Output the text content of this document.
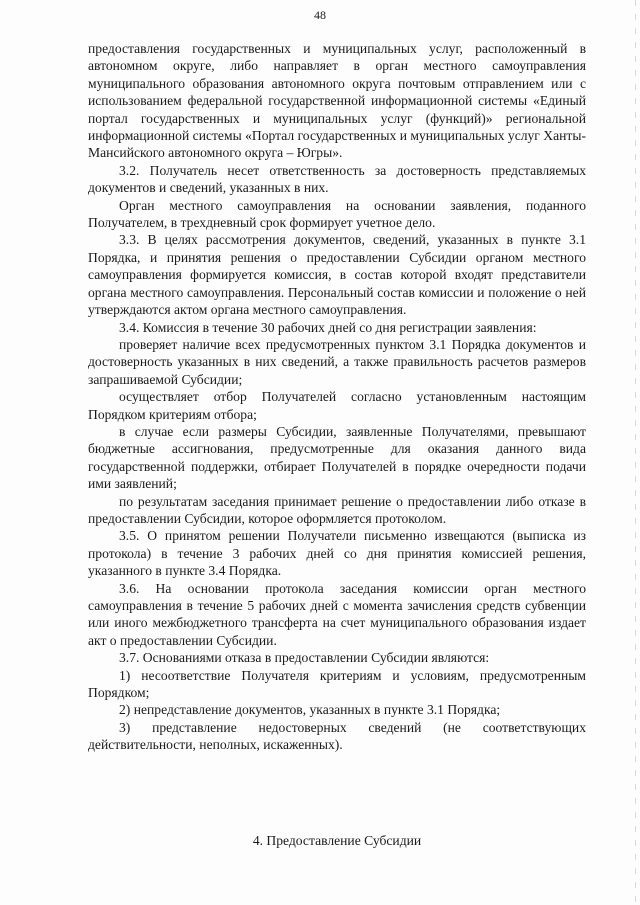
48

предоставления государственных и муниципальных услуг, расположенный в автономном округе, либо направляет в орган местного самоуправления муниципального образования автономного округа почтовым отправлением или с использованием федеральной государственной информационной системы «Единый портал государственных и муниципальных услуг (функций)» региональной информационной системы «Портал государственных и муниципальных услуг Ханты-Мансийского автономного округа – Югры».

3.2. Получатель несет ответственность за достоверность представляемых документов и сведений, указанных в них.

Орган местного самоуправления на основании заявления, поданного Получателем, в трехдневный срок формирует учетное дело.

3.3. В целях рассмотрения документов, сведений, указанных в пункте 3.1 Порядка, и принятия решения о предоставлении Субсидии органом местного самоуправления формируется комиссия, в состав которой входят представители органа местного самоуправления. Персональный состав комиссии и положение о ней утверждаются актом органа местного самоуправления.

3.4. Комиссия в течение 30 рабочих дней со дня регистрации заявления:

проверяет наличие всех предусмотренных пунктом 3.1 Порядка документов и достоверность указанных в них сведений, а также правильность расчетов размеров запрашиваемой Субсидии;

осуществляет отбор Получателей согласно установленным настоящим Порядком критериям отбора;

в случае если размеры Субсидии, заявленные Получателями, превышают бюджетные ассигнования, предусмотренные для оказания данного вида государственной поддержки, отбирает Получателей в порядке очередности подачи ими заявлений;

по результатам заседания принимает решение о предоставлении либо отказе в предоставлении Субсидии, которое оформляется протоколом.

3.5. О принятом решении Получатели письменно извещаются (выписка из протокола) в течение 3 рабочих дней со дня принятия комиссией решения, указанного в пункте 3.4 Порядка.

3.6. На основании протокола заседания комиссии орган местного самоуправления в течение 5 рабочих дней с момента зачисления средств субвенции или иного межбюджетного трансферта на счет муниципального образования издает акт о предоставлении Субсидии.

3.7. Основаниями отказа в предоставлении Субсидии являются:

1) несоответствие Получателя критериям и условиям, предусмотренным Порядком;

2) непредставление документов, указанных в пункте 3.1 Порядка;

3) представление недостоверных сведений (не соответствующих действительности, неполных, искаженных).

4. Предоставление Субсидии
